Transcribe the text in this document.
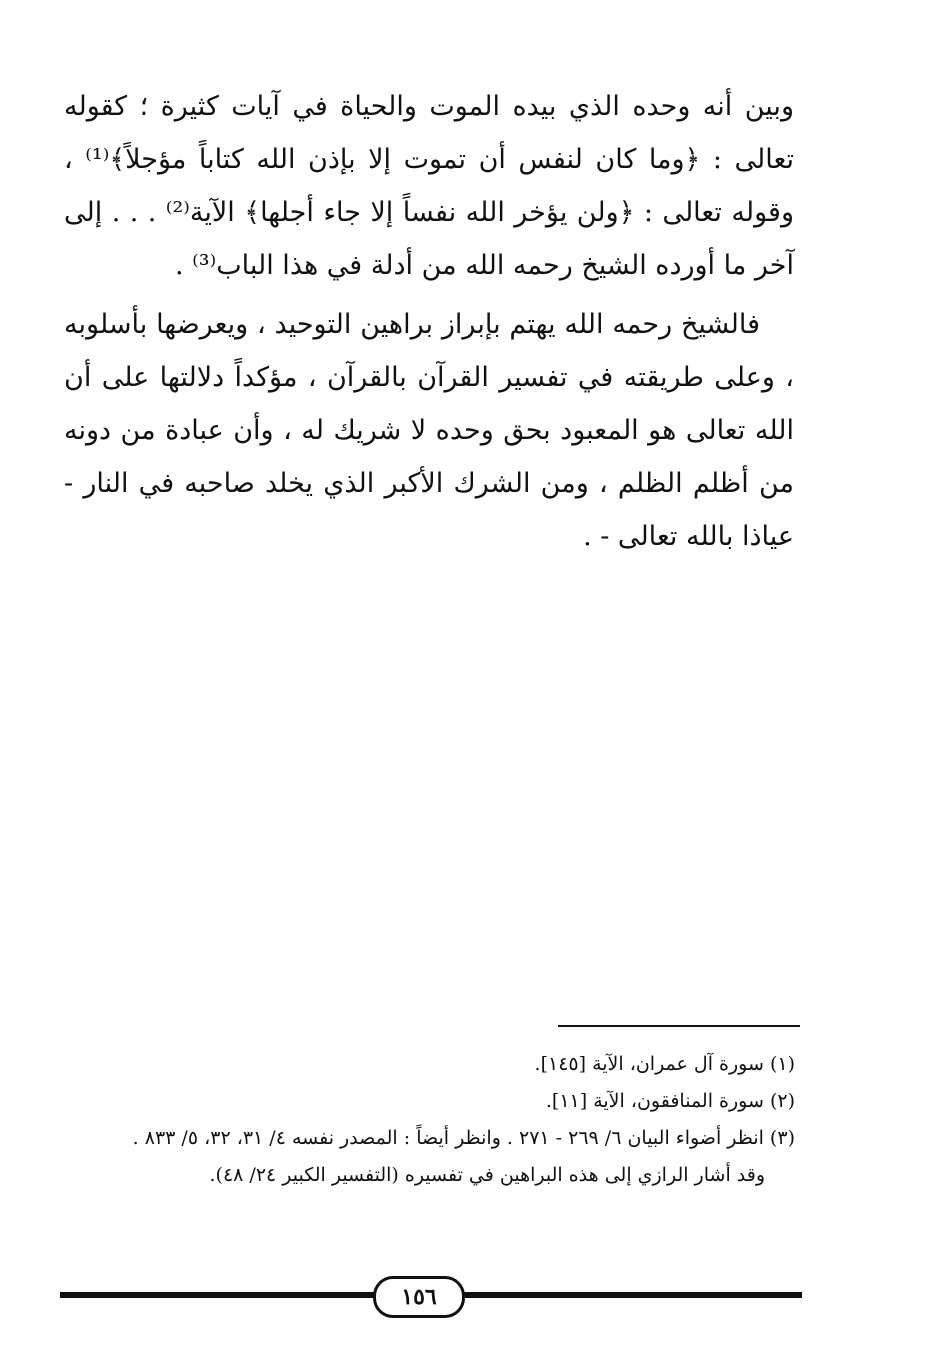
وبين أنه وحده الذي بيده الموت والحياة في آيات كثيرة ؛ كقوله تعالى : ﴿وما كان لنفس أن تموت إلا بإذن الله كتاباً مؤجلاً﴾⁽¹⁾ ، وقوله تعالى : ﴿ولن يؤخر الله نفساً إلا جاء أجلها﴾ الآية⁽²⁾ . . . إلى آخر ما أورده الشيخ رحمه الله من أدلة في هذا الباب⁽³⁾ .

فالشيخ رحمه الله يهتم بإبراز براهين التوحيد ، ويعرضها بأسلوبه ، وعلى طريقته في تفسير القرآن بالقرآن ، مؤكداً دلالتها على أن الله تعالى هو المعبود بحق وحده لا شريك له ، وأن عبادة من دونه من أظلم الظلم ، ومن الشرك الأكبر الذي يخلد صاحبه في النار - عياذا بالله تعالى - .

(١) سورة آل عمران، الآية [١٤٥].

(٢) سورة المنافقون، الآية [١١].

(٣) انظر أضواء البيان ٦/ ٢٦٩ - ٢٧١ . وانظر أيضاً : المصدر نفسه ٤/ ٣١، ٣٢، ٥/ ٨٣٣ .

وقد أشار الرازي إلى هذه البراهين في تفسيره (التفسير الكبير ٢٤/ ٤٨).

١٥٦
